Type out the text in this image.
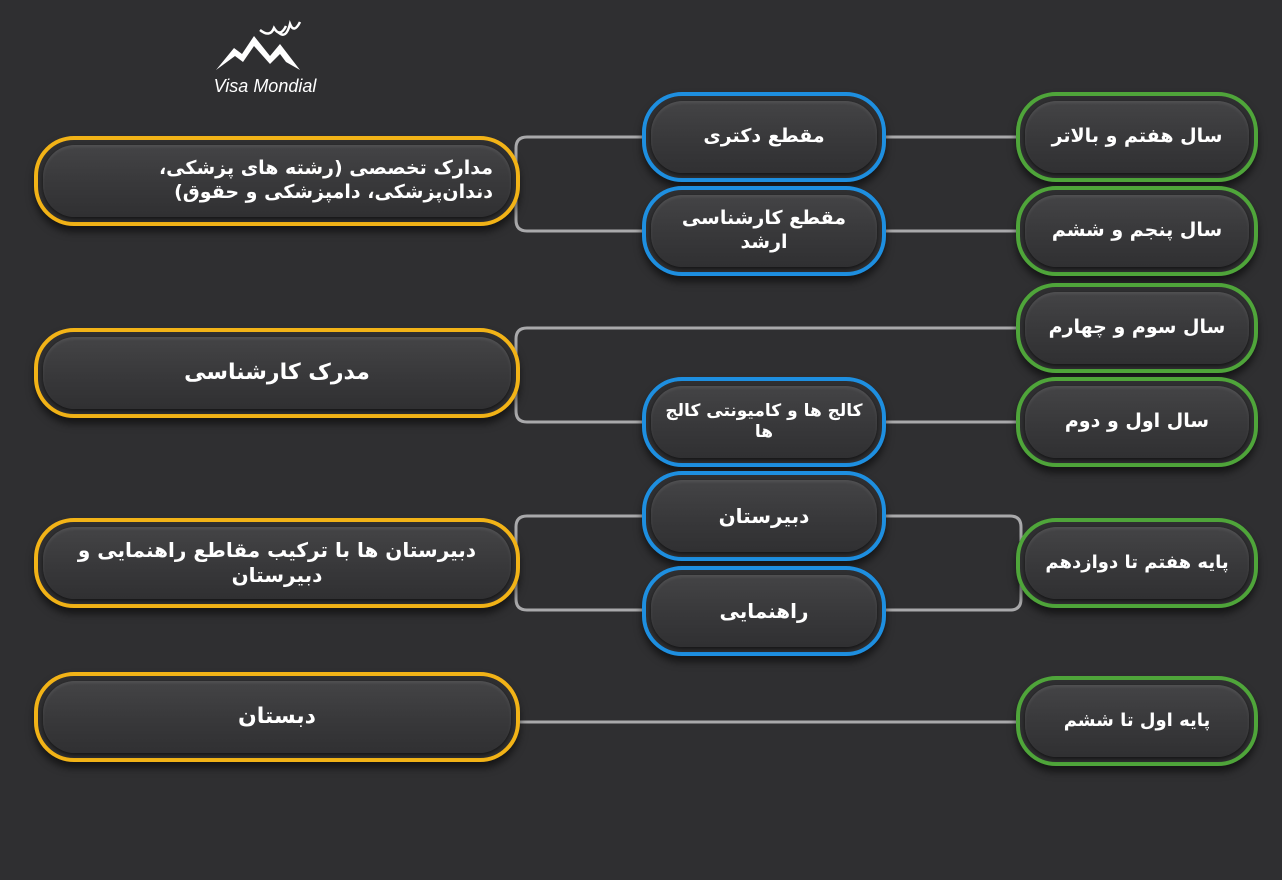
Visa Mondial
مدارک تخصصی (رشته های پزشکی، دندان‌پزشکی، دامپزشکی و حقوق)
مدرک کارشناسی
دبیرستان ها با ترکیب مقاطع راهنمایی و دبیرستان
دبستان
مقطع دکتری
مقطع کارشناسی ارشد
کالج ها و کامیونتی کالج ها
دبیرستان
راهنمایی
سال هفتم و بالاتر
سال پنجم و ششم
سال سوم و چهارم
سال اول و دوم
پایه هفتم تا دوازدهم
پایه اول تا ششم
